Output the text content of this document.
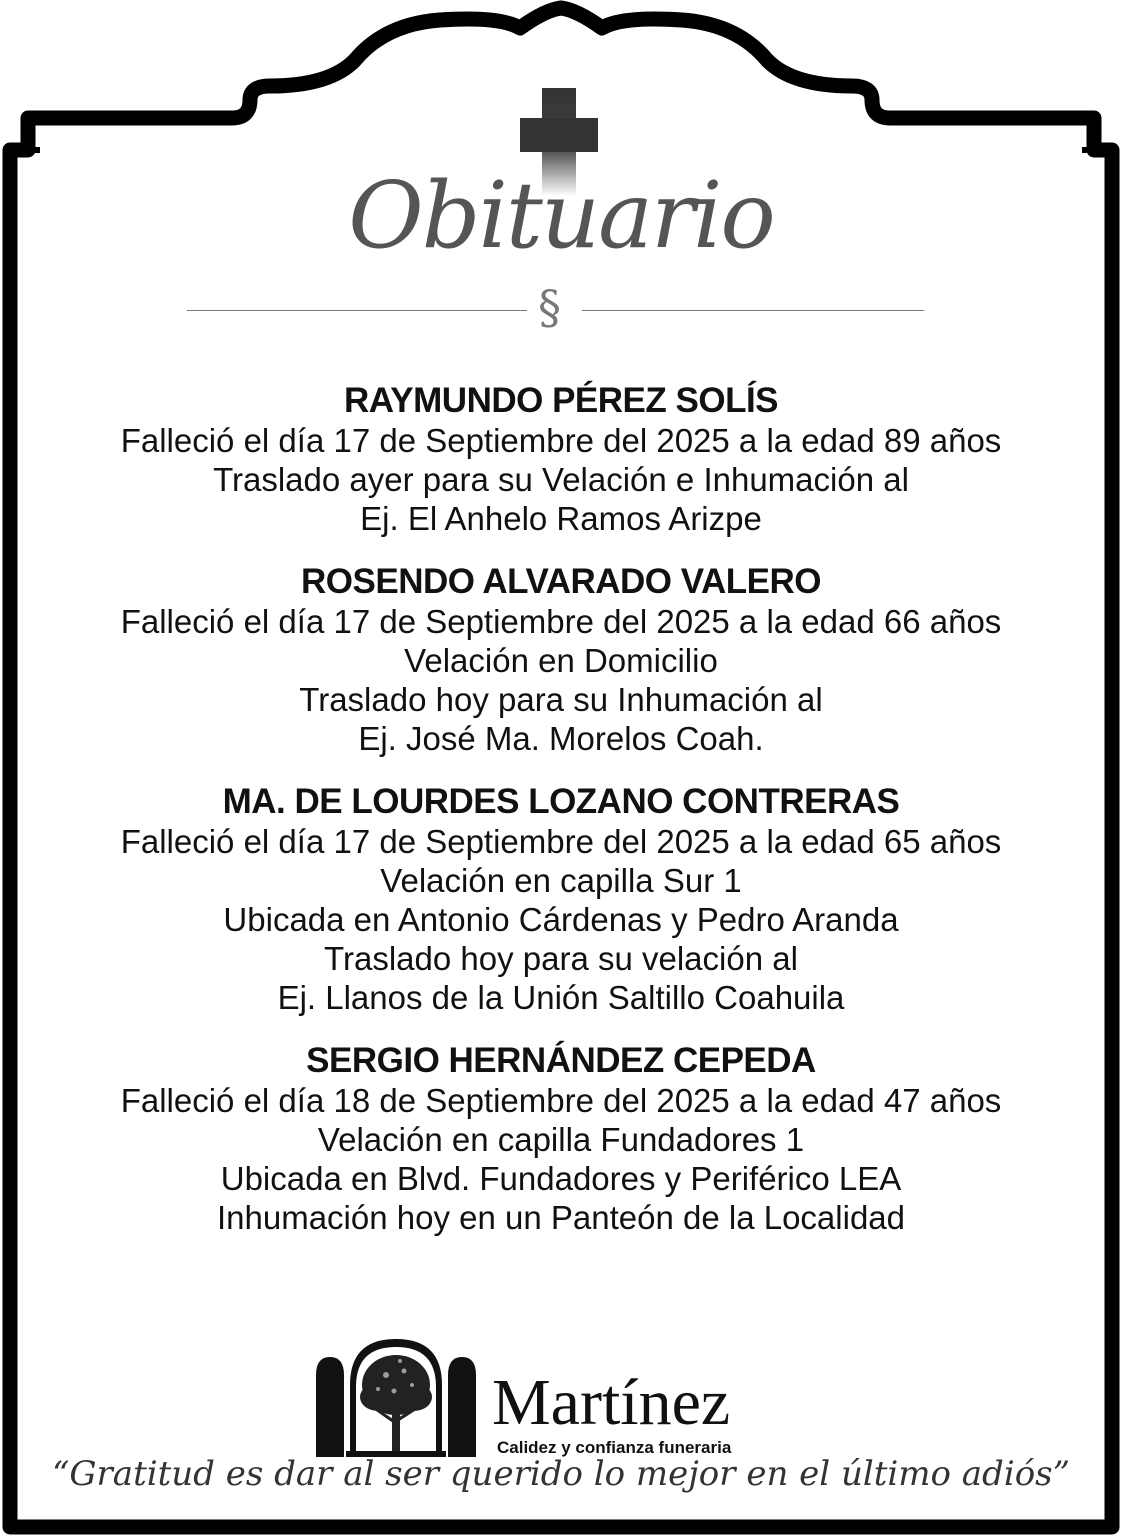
Obituario
§
RAYMUNDO PÉREZ SOLÍS
Falleció el día 17 de Septiembre del 2025 a la edad 89 años
Traslado ayer para su Velación e Inhumación al
Ej. El Anhelo Ramos Arizpe
ROSENDO ALVARADO VALERO
Falleció el día 17 de Septiembre del 2025 a la edad 66 años
Velación en Domicilio
Traslado hoy para su Inhumación al
Ej. José Ma. Morelos Coah.
MA. DE LOURDES LOZANO CONTRERAS
Falleció el día 17 de Septiembre del 2025 a la edad 65 años
Velación en capilla Sur 1
Ubicada en Antonio Cárdenas y Pedro Aranda
Traslado hoy para su velación al
Ej. Llanos de la Unión Saltillo Coahuila
SERGIO HERNÁNDEZ CEPEDA
Falleció el día 18 de Septiembre del 2025 a la edad 47 años
Velación en capilla Fundadores 1
Ubicada en Blvd. Fundadores y Periférico LEA
Inhumación hoy en un Panteón de la Localidad
Martínez
Calidez y confianza funeraria
“Gratitud es dar al ser querido lo mejor en el último adiós”
